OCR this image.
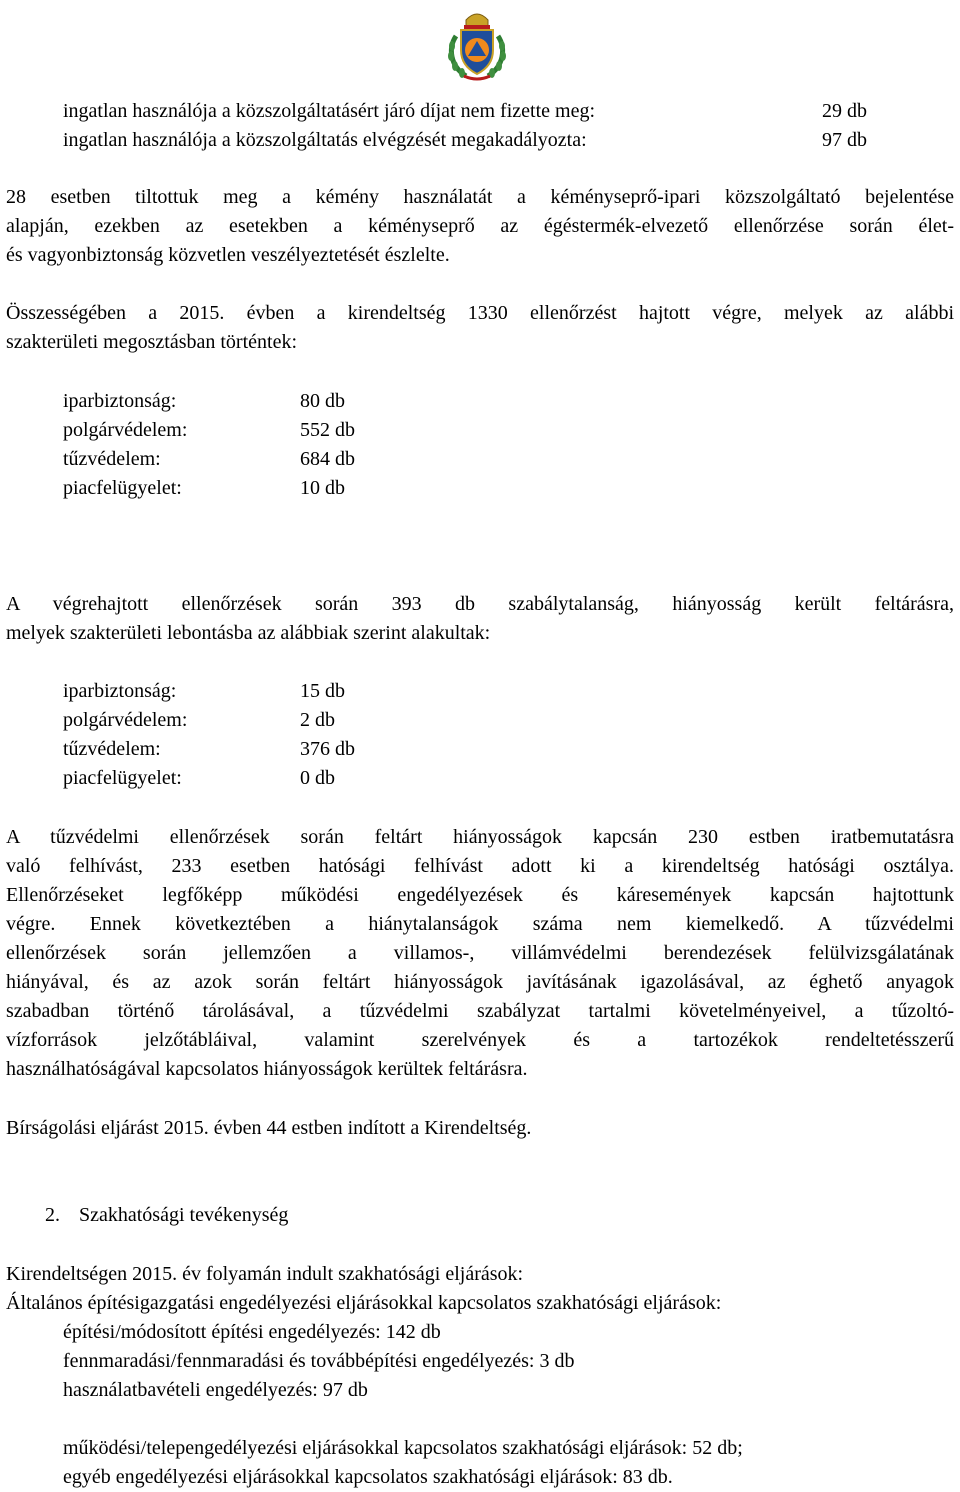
ingatlan használója a közszolgáltatásért járó díjat nem fizette meg:	29 db
ingatlan használója a közszolgáltatás elvégzését megakadályozta:	97 db
28 esetben tiltottuk meg a kémény használatát a kéményseprő-ipari közszolgáltató bejelentése
alapján, ezekben az esetekben a kéményseprő az égéstermék-elvezető ellenőrzése során élet-
és vagyonbiztonság közvetlen veszélyeztetését észlelte.
Összességében a 2015. évben a kirendeltség 1330 ellenőrzést hajtott végre, melyek az alábbi
szakterületi megosztásban történtek:
iparbiztonság:	80 db
polgárvédelem:	552 db
tűzvédelem:	684 db
piacfelügyelet:	10 db
A végrehajtott ellenőrzések során 393 db szabálytalanság, hiányosság került feltárásra,
melyek szakterületi lebontásba az alábbiak szerint alakultak:
iparbiztonság:	15 db
polgárvédelem:	2 db
tűzvédelem:	376 db
piacfelügyelet:	0 db
A tűzvédelmi ellenőrzések során feltárt hiányosságok kapcsán 230 estben iratbemutatásra
való felhívást, 233 esetben hatósági felhívást adott ki a kirendeltség hatósági osztálya.
Ellenőrzéseket legfőképp működési engedélyezések és káresemények kapcsán hajtottunk
végre. Ennek következtében a hiánytalanságok száma nem kiemelkedő. A tűzvédelmi
ellenőrzések során jellemzően a villamos-, villámvédelmi berendezések felülvizsgálatának
hiányával, és az azok során feltárt hiányosságok javításának igazolásával, az éghető anyagok
szabadban történő tárolásával, a tűzvédelmi szabályzat tartalmi követelményeivel, a tűzoltó-
vízforrások jelzőtábláival, valamint szerelvények és a tartozékok rendeltetésszerű
használhatóságával kapcsolatos hiányosságok kerültek feltárásra.
Bírságolási eljárást 2015. évben 44 estben indított a Kirendeltség.
2. Szakhatósági tevékenység
Kirendeltségen 2015. év folyamán indult szakhatósági eljárások:
Általános építésigazgatási engedélyezési eljárásokkal kapcsolatos szakhatósági eljárások:
építési/módosított építési engedélyezés: 142 db
fennmaradási/fennmaradási és továbbépítési engedélyezés: 3 db
használatbavételi engedélyezés: 97 db
működési/telepengedélyezési eljárásokkal kapcsolatos szakhatósági eljárások: 52 db;
egyéb engedélyezési eljárásokkal kapcsolatos szakhatósági eljárások: 83 db.
